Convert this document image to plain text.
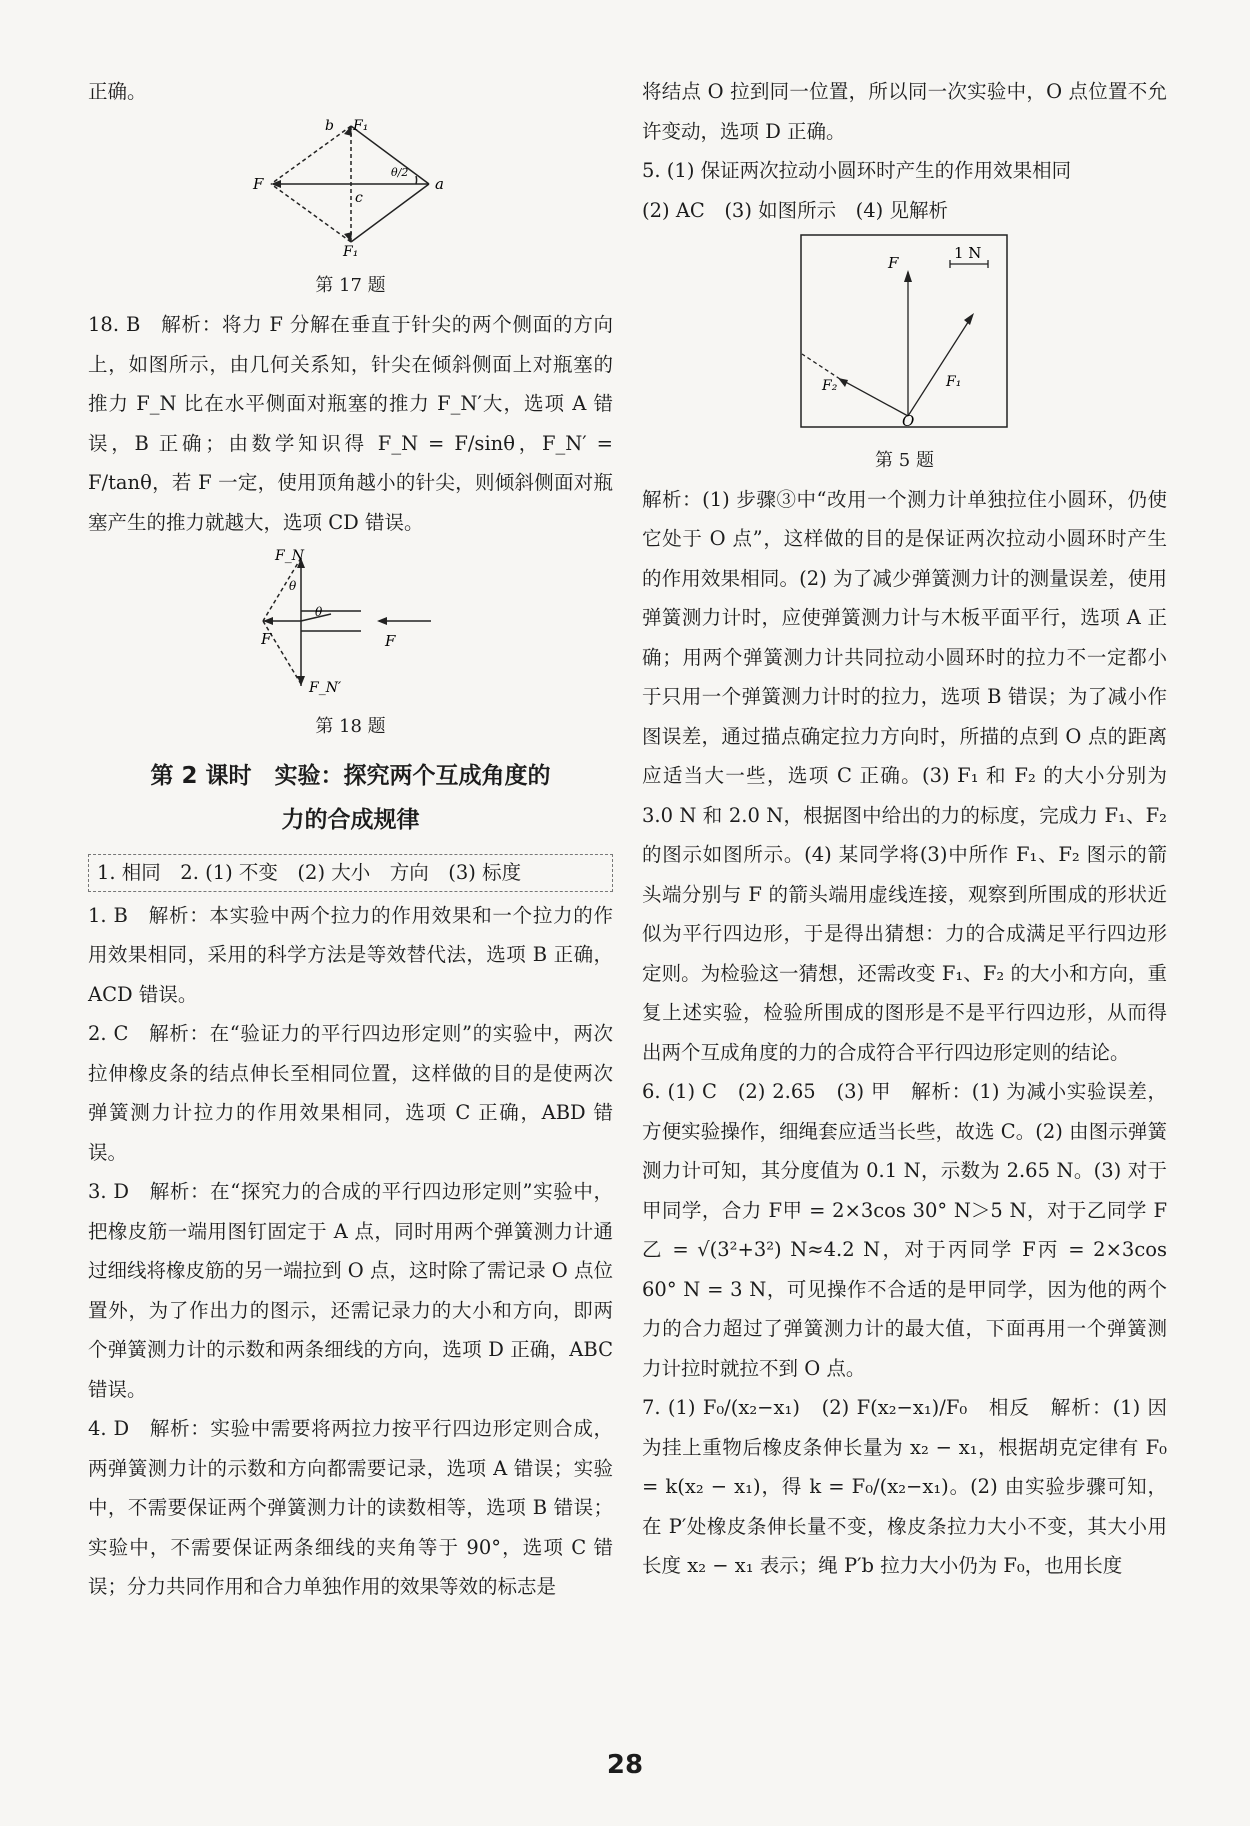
正确。

b F₁
F	a
c
F₁
θ/2
第 17 题

18. B　解析：将力 F 分解在垂直于针尖的两个侧面的方向上，如图所示，由几何关系知，针尖在倾斜侧面上对瓶塞的推力 F_N 比在水平侧面对瓶塞的推力 F_N′大，选项 A 错误，B 正确；由数学知识得 F_N = F/sinθ，F_N′ = F/tanθ，若 F 一定，使用顶角越小的针尖，则倾斜侧面对瓶塞产生的推力就越大，选项 CD 错误。

F_N
θ
F
θ
F
F_N′
第 18 题
第 2 课时　实验：探究两个互成角度的
力的合成规律
1. 相同　2. (1) 不变　(2) 大小　方向　(3) 标度

1. B　解析：本实验中两个拉力的作用效果和一个拉力的作用效果相同，采用的科学方法是等效替代法，选项 B 正确，ACD 错误。

2. C　解析：在“验证力的平行四边形定则”的实验中，两次拉伸橡皮条的结点伸长至相同位置，这样做的目的是使两次弹簧测力计拉力的作用效果相同，选项 C 正确，ABD 错误。

3. D　解析：在“探究力的合成的平行四边形定则”实验中，把橡皮筋一端用图钉固定于 A 点，同时用两个弹簧测力计通过细线将橡皮筋的另一端拉到 O 点，这时除了需记录 O 点位置外，为了作出力的图示，还需记录力的大小和方向，即两个弹簧测力计的示数和两条细线的方向，选项 D 正确，ABC 错误。

4. D　解析：实验中需要将两拉力按平行四边形定则合成，两弹簧测力计的示数和方向都需要记录，选项 A 错误；实验中，不需要保证两个弹簧测力计的读数相等，选项 B 错误；实验中，不需要保证两条细线的夹角等于 90°，选项 C 错误；分力共同作用和合力单独作用的效果等效的标志是

将结点 O 拉到同一位置，所以同一次实验中，O 点位置不允许变动，选项 D 正确。

5. (1) 保证两次拉动小圆环时产生的作用效果相同

(2) AC　(3) 如图所示　(4) 见解析

F
1 N
F₂	F₁
O
第 5 题

解析：(1) 步骤③中“改用一个测力计单独拉住小圆环，仍使它处于 O 点”，这样做的目的是保证两次拉动小圆环时产生的作用效果相同。(2) 为了减少弹簧测力计的测量误差，使用弹簧测力计时，应使弹簧测力计与木板平面平行，选项 A 正确；用两个弹簧测力计共同拉动小圆环时的拉力不一定都小于只用一个弹簧测力计时的拉力，选项 B 错误；为了减小作图误差，通过描点确定拉力方向时，所描的点到 O 点的距离应适当大一些，选项 C 正确。(3) F₁ 和 F₂ 的大小分别为 3.0 N 和 2.0 N，根据图中给出的力的标度，完成力 F₁、F₂ 的图示如图所示。(4) 某同学将(3)中所作 F₁、F₂ 图示的箭头端分别与 F 的箭头端用虚线连接，观察到所围成的形状近似为平行四边形，于是得出猜想：力的合成满足平行四边形定则。为检验这一猜想，还需改变 F₁、F₂ 的大小和方向，重复上述实验，检验所围成的图形是不是平行四边形，从而得出两个互成角度的力的合成符合平行四边形定则的结论。

6. (1) C　(2) 2.65　(3) 甲　解析：(1) 为减小实验误差，方便实验操作，细绳套应适当长些，故选 C。(2) 由图示弹簧测力计可知，其分度值为 0.1 N，示数为 2.65 N。(3) 对于甲同学，合力 F甲 = 2×3cos 30° N＞5 N，对于乙同学 F乙 = √(3²+3²) N≈4.2 N，对于丙同学 F丙 = 2×3cos 60° N = 3 N，可见操作不合适的是甲同学，因为他的两个力的合力超过了弹簧测力计的最大值，下面再用一个弹簧测力计拉时就拉不到 O 点。

7. (1) F₀/(x₂−x₁)　(2) F(x₂−x₁)/F₀　相反　解析：(1) 因为挂上重物后橡皮条伸长量为 x₂ − x₁，根据胡克定律有 F₀ = k(x₂ − x₁)，得 k = F₀/(x₂−x₁)。(2) 由实验步骤可知，在 P′处橡皮条伸长量不变，橡皮条拉力大小不变，其大小用长度 x₂ − x₁ 表示；绳 P′b 拉力大小仍为 F₀，也用长度

28
